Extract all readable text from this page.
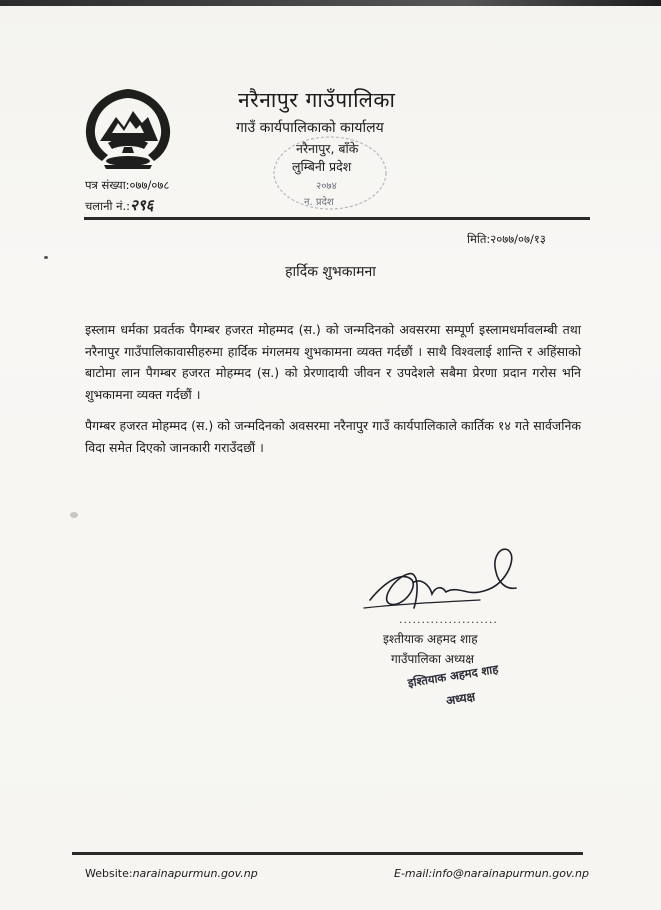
नरैनापुर गाउँपालिका
गाउँ कार्यपालिकाको कार्यालय
नरैनापुर, बाँके
लुम्बिनी प्रदेश
२०७४
न. प्रदेश
पत्र संख्या:०७७/०७८
चलानी नं.:२९६
मिति:२०७७/०७/१३
हार्दिक शुभकामना

इस्लाम धर्मका प्रवर्तक पैगम्बर हजरत मोहम्मद (स.) को जन्मदिनको अवसरमा सम्पूर्ण इस्लामधर्मावलम्बी तथा नरैनापुर गाउँपालिकावासीहरुमा हार्दिक मंगलमय शुभकामना व्यक्त गर्दछौं । साथै विश्वलाई शान्ति र अहिंसाको बाटोमा लान पैगम्बर हजरत मोहम्मद (स.) को प्रेरणादायी जीवन र उपदेशले सबैमा प्रेरणा प्रदान गरोस भनि शुभकामना व्यक्त गर्दछौं ।

पैगम्बर हजरत मोहम्मद (स.) को जन्मदिनको अवसरमा नरैनापुर गाउँ कार्यपालिकाले कार्तिक १४ गते सार्वजनिक विदा समेत दिएको जानकारी गराउँदछौं ।

......................
इश्तीयाक अहमद शाह
गाउँपालिका अध्यक्ष
इश्तियाक अहमद शाह
अध्यक्ष
Website:narainapurmun.gov.np	E-mail:info@narainapurmun.gov.np
